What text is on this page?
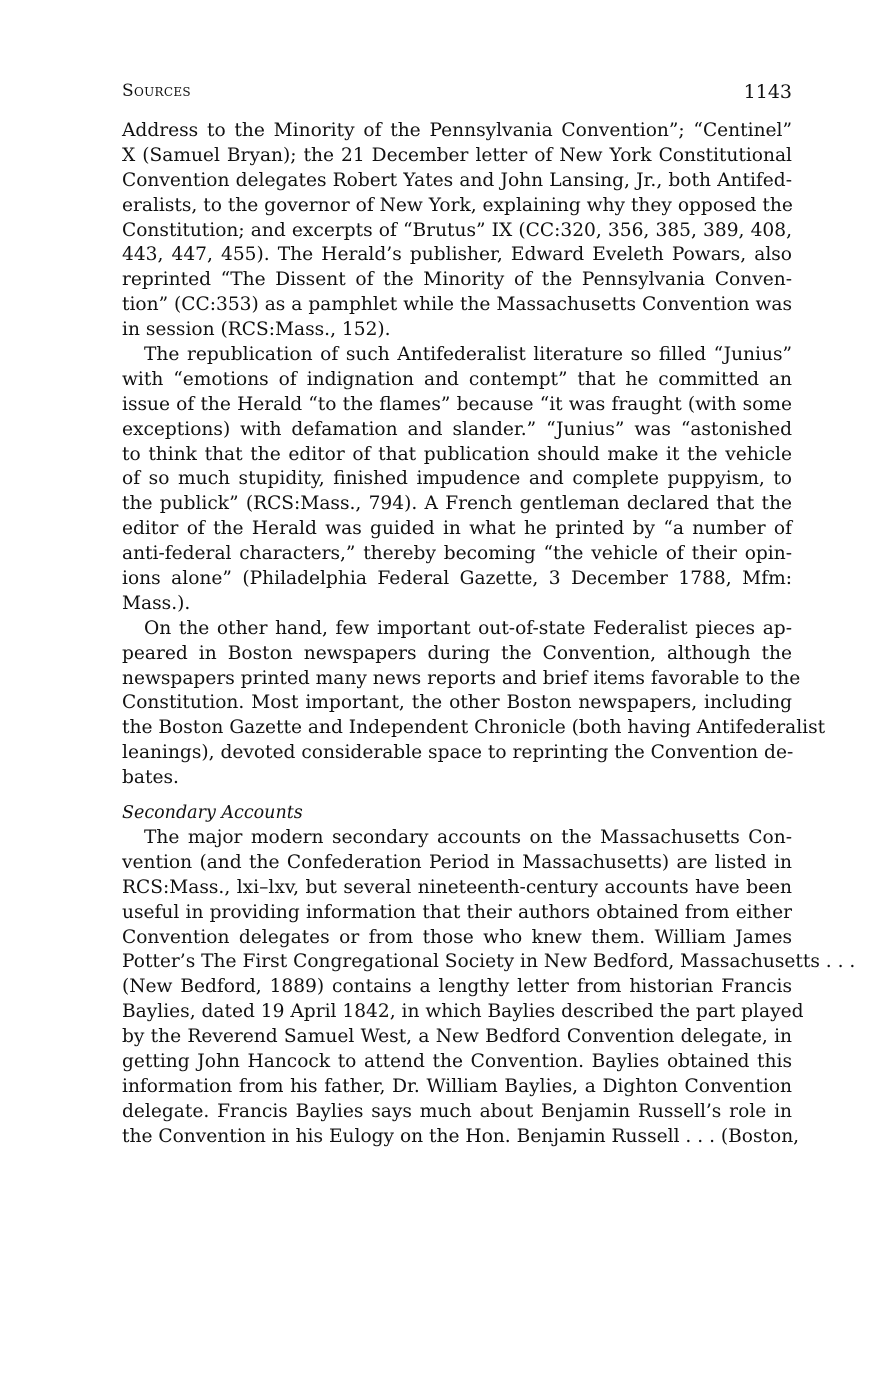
Sources	1143
Address to the Minority of the Pennsylvania Convention”; “Centinel”
X (Samuel Bryan); the 21 December letter of New York Constitutional
Convention delegates Robert Yates and John Lansing, Jr., both Antifed-
eralists, to the governor of New York, explaining why they opposed the
Constitution; and excerpts of “Brutus” IX (CC:320, 356, 385, 389, 408,
443, 447, 455). The Herald’s publisher, Edward Eveleth Powars, also
reprinted “The Dissent of the Minority of the Pennsylvania Conven-
tion” (CC:353) as a pamphlet while the Massachusetts Convention was
in session (RCS:Mass., 152).
The republication of such Antifederalist literature so filled “Junius”
with “emotions of indignation and contempt” that he committed an
issue of the Herald “to the flames” because “it was fraught (with some
exceptions) with defamation and slander.” “Junius” was “astonished
to think that the editor of that publication should make it the vehicle
of so much stupidity, finished impudence and complete puppyism, to
the publick” (RCS:Mass., 794). A French gentleman declared that the
editor of the Herald was guided in what he printed by “a number of
anti-federal characters,” thereby becoming “the vehicle of their opin-
ions alone” (Philadelphia Federal Gazette, 3 December 1788, Mfm:
Mass.).
On the other hand, few important out-of-state Federalist pieces ap-
peared in Boston newspapers during the Convention, although the
newspapers printed many news reports and brief items favorable to the
Constitution. Most important, the other Boston newspapers, including
the Boston Gazette and Independent Chronicle (both having Antifederalist
leanings), devoted considerable space to reprinting the Convention de-
bates.
Secondary Accounts
The major modern secondary accounts on the Massachusetts Con-
vention (and the Confederation Period in Massachusetts) are listed in
RCS:Mass., lxi–lxv, but several nineteenth-century accounts have been
useful in providing information that their authors obtained from either
Convention delegates or from those who knew them. William James
Potter’s The First Congregational Society in New Bedford, Massachusetts . . .
(New Bedford, 1889) contains a lengthy letter from historian Francis
Baylies, dated 19 April 1842, in which Baylies described the part played
by the Reverend Samuel West, a New Bedford Convention delegate, in
getting John Hancock to attend the Convention. Baylies obtained this
information from his father, Dr. William Baylies, a Dighton Convention
delegate. Francis Baylies says much about Benjamin Russell’s role in
the Convention in his Eulogy on the Hon. Benjamin Russell . . . (Boston,
